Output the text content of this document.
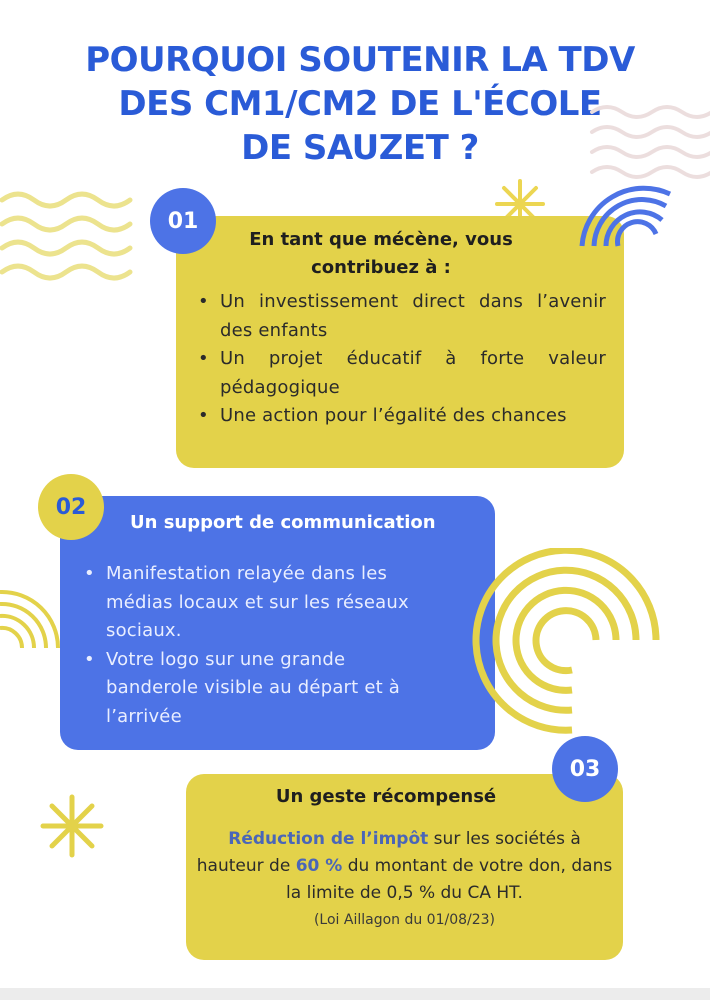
POURQUOI SOUTENIR LA TDV
DES CM1/CM2 DE L'ÉCOLE
DE SAUZET ?
En tant que mécène, vous contribuez à :
• Un investissement direct dans l’avenir des enfants
• Un projet éducatif à forte valeur pédagogique
• Une action pour l’égalité des chances
01
Un support de communication
• Manifestation relayée dans les médias locaux et sur les réseaux sociaux.
• Votre logo sur une grande banderole visible au départ et à l’arrivée
02
Un geste récompensé
Réduction de l’impôt sur les sociétés à hauteur de 60 % du montant de votre don, dans la limite de 0,5 % du CA HT.
(Loi Aillagon du 01/08/23)
03
